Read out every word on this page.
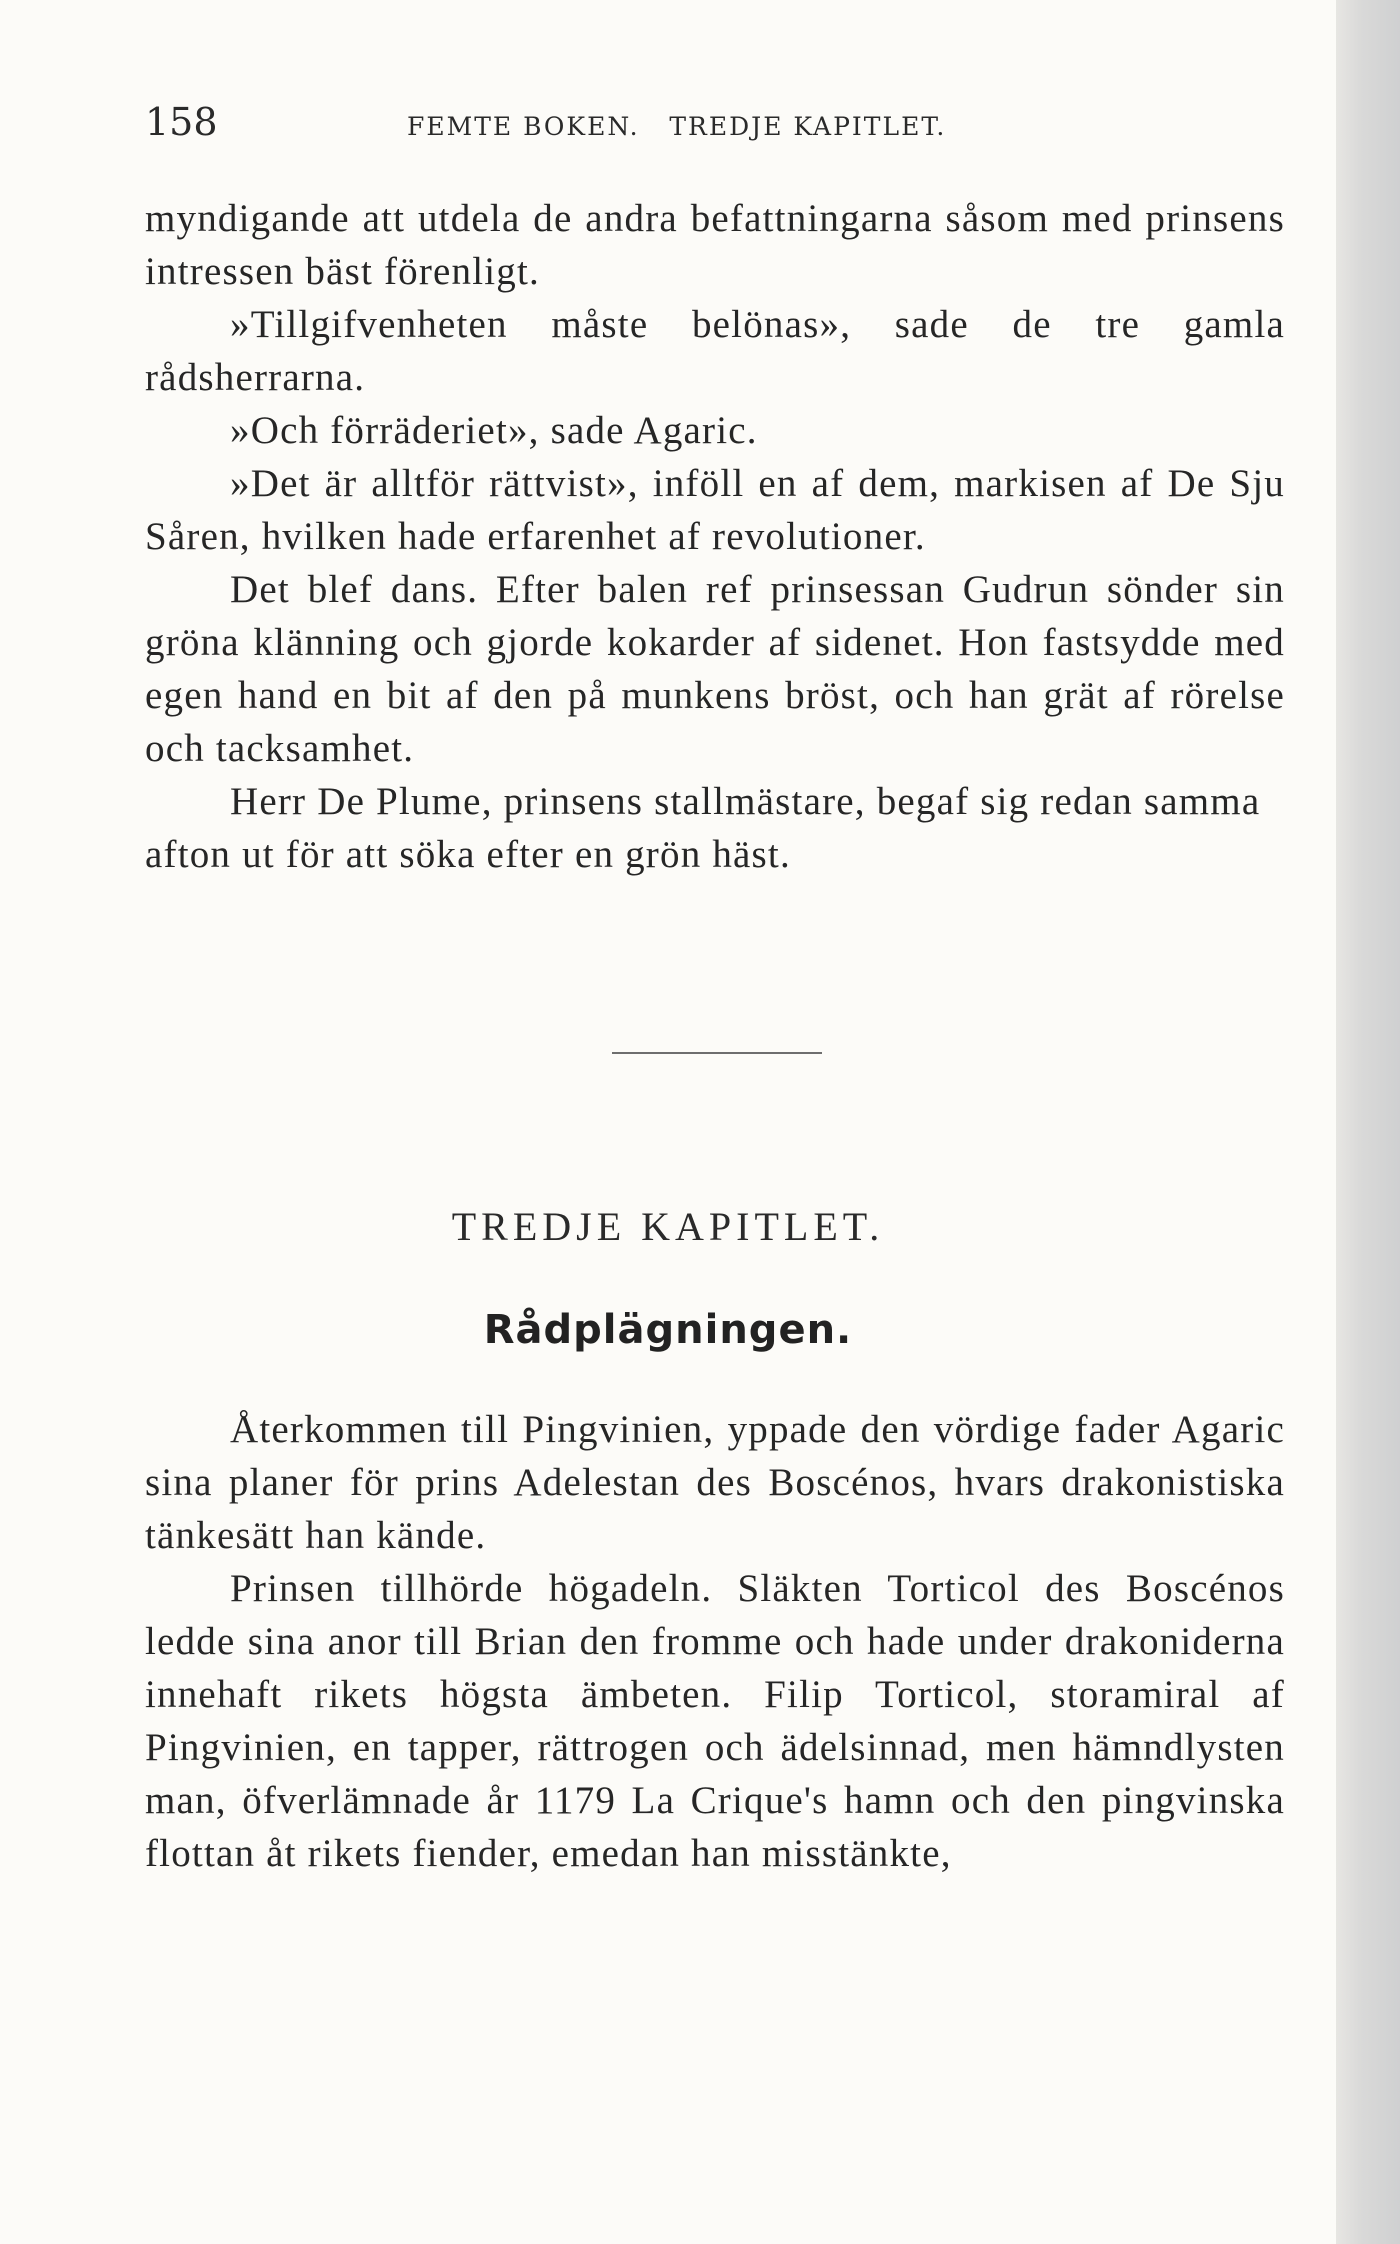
158	FEMTE BOKEN.   TREDJE KAPITLET.

myndigande att utdela de andra befattningarna såsom med prinsens intressen bäst förenligt.

»Tillgifvenheten måste belönas», sade de tre gamla rådsherrarna.

»Och förräderiet», sade Agaric.

»Det är alltför rättvist», inföll en af dem, markisen af De Sju Såren, hvilken hade erfarenhet af revolutioner.

Det blef dans. Efter balen ref prinsessan Gudrun sönder sin gröna klänning och gjorde kokarder af sidenet. Hon fastsydde med egen hand en bit af den på munkens bröst, och han grät af rörelse och tacksamhet.

Herr De Plume, prinsens stallmästare, begaf sig redan samma afton ut för att söka efter en grön häst.

TREDJE KAPITLET.
Rådplägningen.

Återkommen till Pingvinien, yppade den vördige fader Agaric sina planer för prins Adelestan des Boscénos, hvars drakonistiska tänkesätt han kände.

Prinsen tillhörde högadeln. Släkten Torticol des Boscénos ledde sina anor till Brian den fromme och hade under drakoniderna innehaft rikets högsta ämbeten. Filip Torticol, storamiral af Pingvinien, en tapper, rättrogen och ädelsinnad, men hämndlysten man, öfverlämnade år 1179 La Crique's hamn och den pingvinska flottan åt rikets fiender, emedan han misstänkte,
